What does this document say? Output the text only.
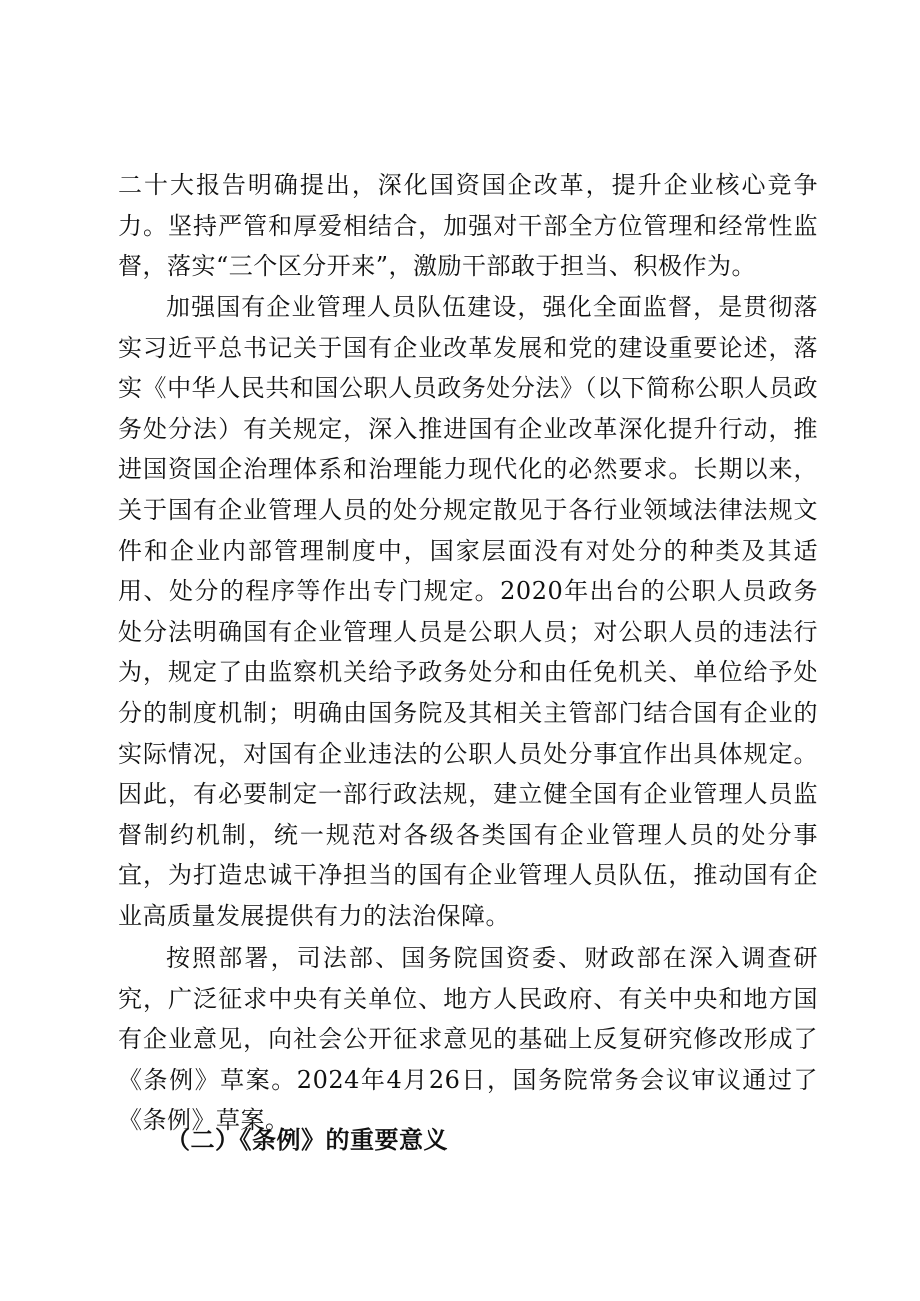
二十大报告明确提出，深化国资国企改革，提升企业核心竞争力。坚持严管和厚爱相结合，加强对干部全方位管理和经常性监督，落实“三个区分开来”，激励干部敢于担当、积极作为。

加强国有企业管理人员队伍建设，强化全面监督，是贯彻落实习近平总书记关于国有企业改革发展和党的建设重要论述，落实《中华人民共和国公职人员政务处分法》（以下简称公职人员政务处分法）有关规定，深入推进国有企业改革深化提升行动，推进国资国企治理体系和治理能力现代化的必然要求。长期以来，关于国有企业管理人员的处分规定散见于各行业领域法律法规文件和企业内部管理制度中，国家层面没有对处分的种类及其适用、处分的程序等作出专门规定。2020年出台的公职人员政务处分法明确国有企业管理人员是公职人员；对公职人员的违法行为，规定了由监察机关给予政务处分和由任免机关、单位给予处分的制度机制；明确由国务院及其相关主管部门结合国有企业的实际情况，对国有企业违法的公职人员处分事宜作出具体规定。因此，有必要制定一部行政法规，建立健全国有企业管理人员监督制约机制，统一规范对各级各类国有企业管理人员的处分事宜，为打造忠诚干净担当的国有企业管理人员队伍，推动国有企业高质量发展提供有力的法治保障。

按照部署，司法部、国务院国资委、财政部在深入调查研究，广泛征求中央有关单位、地方人民政府、有关中央和地方国有企业意见，向社会公开征求意见的基础上反复研究修改形成了《条例》草案。2024年4月26日，国务院常务会议审议通过了《条例》草案。

（二）《条例》的重要意义
